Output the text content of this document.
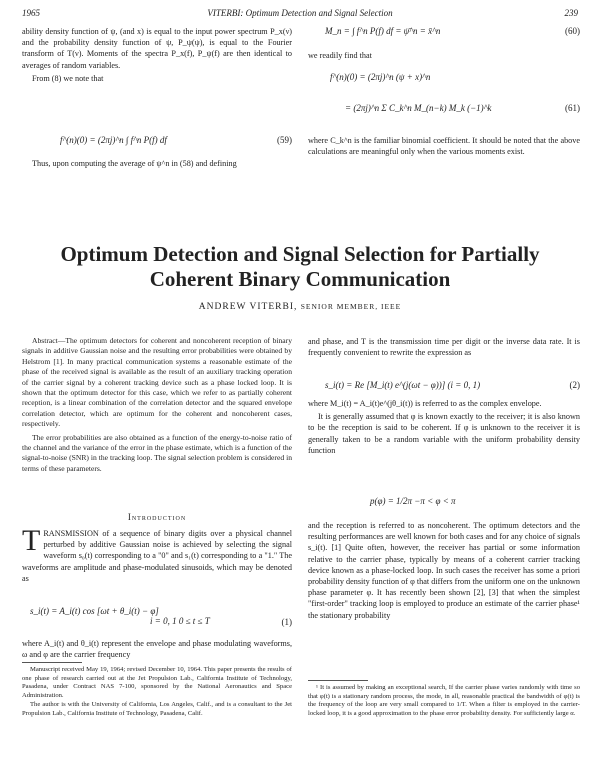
1965	VITERBI: Optimum Detection and Signal Selection	239

ability density function of ψ, (and x) is equal to the input power spectrum P_x(ν) and the probability density function of ψ, P_ψ(ψ), is equal to the Fourier transform of T(ν). Moments of the spectra P_x(f), P_ψ(f) are then identical to averages of random variables.

From (8) we note that

f^(n)(0) = (2πj)^n ∫ f^n P(f) df	(59)

Thus, upon computing the average of ψ^n in (58) and defining

M_n = ∫ f^n P(f) df = ψ̄^n = x̄^n	(60)

we readily find that

f^(n)(0) = (2πj)^n (ψ + x)^n
= (2πj)^n Σ C_k^n M_(n−k) M_k (−1)^k	(61)

where C_k^n is the familiar binomial coefficient. It should be noted that the above calculations are meaningful only when the various moments exist.

Optimum Detection and Signal Selection for Partially
Coherent Binary Communication
ANDREW VITERBI, SENIOR MEMBER, IEEE

Abstract—The optimum detectors for coherent and noncoherent reception of binary signals in additive Gaussian noise and the resulting error probabilities were obtained by Helstrom [1]. In many practical communication systems a reasonable estimate of the phase of the received signal is available as the result of an auxiliary tracking operation of the carrier signal by a coherent tracking device such as a phase locked loop. It is shown that the optimum detector for this case, which we refer to as partially coherent reception, is a linear combination of the correlation detector and the squared envelope correlation detector, which are optimum for the coherent and noncoherent cases, respectively.

The error probabilities are also obtained as a function of the energy-to-noise ratio of the channel and the variance of the error in the phase estimate, which is a function of the signal-to-noise (SNR) in the tracking loop. The signal selection problem is considered in terms of these parameters.

Introduction

TRANSMISSION of a sequence of binary digits over a physical channel perturbed by additive Gaussian noise is achieved by selecting the signal waveform s₀(t) corresponding to a "0" and s₁(t) corresponding to a "1." The waveforms are amplitude and phase-modulated sinusoids, which may be denoted as

s_i(t) = A_i(t) cos [ωt + θ_i(t) − φ]
i = 0, 1 0 ≤ t ≤ T	(1)

where A_i(t) and θ_i(t) represent the envelope and phase modulating waveforms, ω and φ are the carrier frequency

Manuscript received May 19, 1964; revised December 10, 1964. This paper presents the results of one phase of research carried out at the Jet Propulsion Lab., California Institute of Technology, Pasadena, under Contract NAS 7-100, sponsored by the National Aeronautics and Space Administration.

The author is with the University of California, Los Angeles, Calif., and is a consultant to the Jet Propulsion Lab., California Institute of Technology, Pasadena, Calif.

and phase, and T is the transmission time per digit or the inverse data rate. It is frequently convenient to rewrite the expression as

s_i(t) = Re [M_i(t) e^(j(ωt − φ))] (i = 0, 1)	(2)

where M_i(t) = A_i(t)e^(jθ_i(t)) is referred to as the complex envelope.

It is generally assumed that φ is known exactly to the receiver; it is also known to be the reception is said to be coherent. If φ is unknown to the receiver it is generally taken to be a random variable with the uniform probability density function

p(φ) = 1/2π −π < φ < π

and the reception is referred to as noncoherent. The optimum detectors and the resulting performances are well known for both cases and for any choice of signals s_i(t). [1] Quite often, however, the receiver has partial or some information relative to the carrier phase, typically by means of a coherent carrier tracking device known as a phase-locked loop. In such cases the receiver has some a priori probability density function of φ that differs from the uniform one on the unknown phase parameter φ. It has recently been shown [2], [3] that when the simplest "first-order" tracking loop is employed to produce an estimate of the carrier phase¹ the stationary probability

¹ It is assumed by making an exceptional search, If the carrier phase varies randomly with time so that φ(t) is a stationary random process, the mode, in all, reasonable practical the bandwidth of φ(t) is the frequency of the loop are very small compared to 1/T. When a filter is employed in the carrier-locked loop, it is a good approximation to the phase error probability density. For sufficiently large α.
